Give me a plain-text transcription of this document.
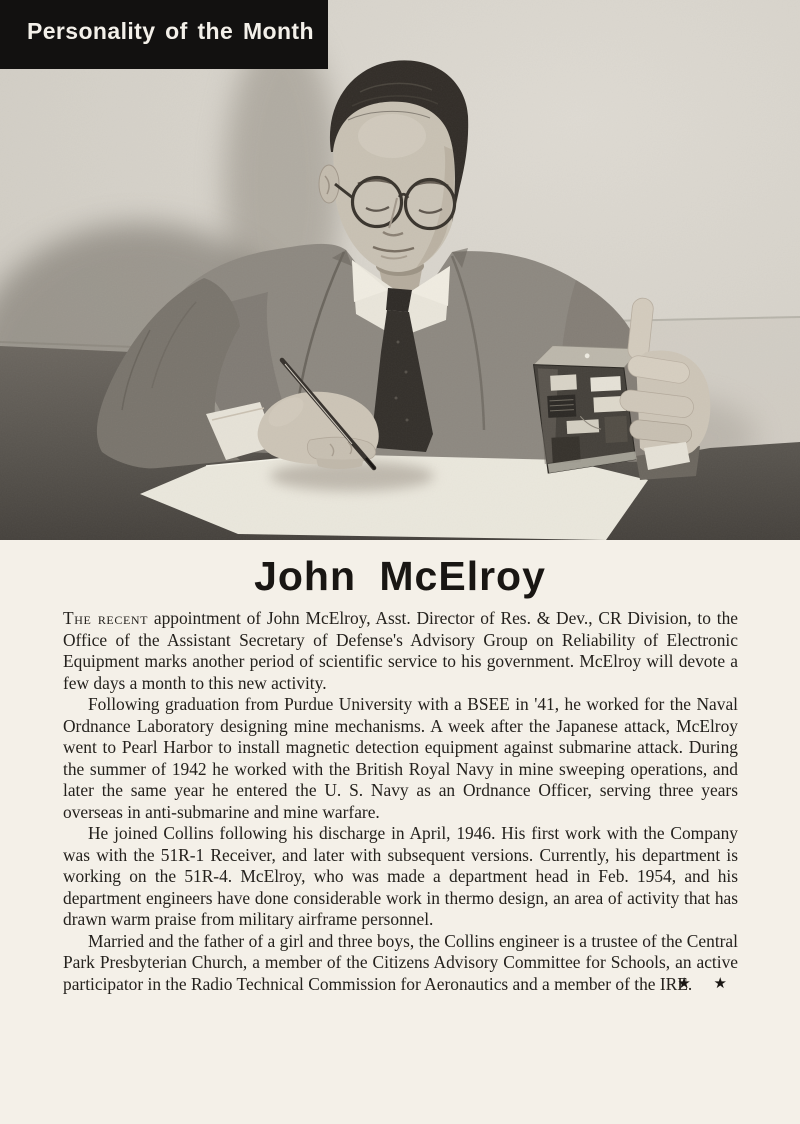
Personality of the Month
John McElroy

The recent appointment of John McElroy, Asst. Director of Res. & Dev., CR Division, to the Office of the Assistant Secretary of Defense's Advisory Group on Reliability of Electronic Equipment marks another period of scientific service to his government. McElroy will devote a few days a month to this new activity.

Following graduation from Purdue University with a BSEE in '41, he worked for the Naval Ordnance Laboratory designing mine mechanisms. A week after the Japanese attack, McElroy went to Pearl Harbor to install magnetic detection equipment against submarine attack. During the summer of 1942 he worked with the British Royal Navy in mine sweeping operations, and later the same year he entered the U. S. Navy as an Ordnance Officer, serving three years overseas in anti-submarine and mine warfare.

He joined Collins following his discharge in April, 1946. His first work with the Company was with the 51R-1 Receiver, and later with subsequent versions. Currently, his department is working on the 51R-4. McElroy, who was made a department head in Feb. 1954, and his department engineers have done considerable work in thermo design, an area of activity that has drawn warm praise from military airframe personnel.

Married and the father of a girl and three boys, the Collins engineer is a trustee of the Central Park Presbyterian Church, a member of the Citizens Advisory Committee for Schools, an active participator in the Radio Technical Commission for Aeronautics and a member of the IRE.
★ ★
